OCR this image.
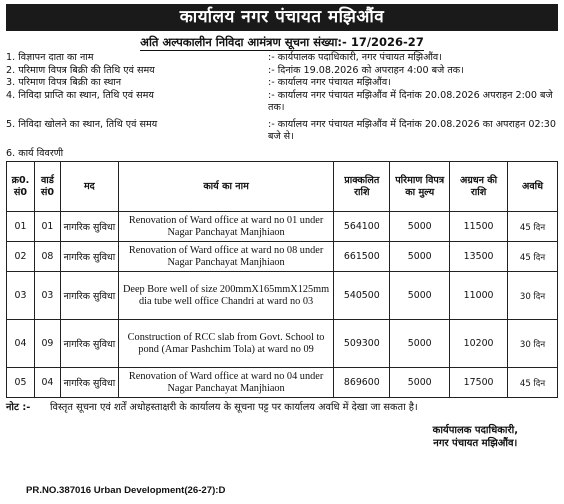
कार्यालय नगर पंचायत मझिऔंव
अति अल्पकालीन निविदा आमंत्रण सूचना संख्या:- 17/2026-27
1. विज्ञापन दाता का नाम	:- कार्यपालक पदाधिकारी, नगर पंचायत मझिऔंव।
2. परिमाण विपत्र बिक्री की तिथि एवं समय	:- दिनांक 19.08.2026 को अपराहन 4:00 बजे तक।
3. परिमाण विपत्र बिक्री का स्थान	:- कार्यालय नगर पंचायत मझिऔंव।
4. निविदा प्राप्ति का स्थान, तिथि एवं समय	:- कार्यालय नगर पंचायत मझिऔंव में दिनांक 20.08.2026 अपराहन 2:00 बजे तक।
5. निविदा खोलने का स्थान, तिथि एवं समय	:- कार्यालय नगर पंचायत मझिऔंव में दिनांक 20.08.2026 का अपराहन 02:30 बजे से।
6. कार्य विवरणी
क्र0. सं0	वार्ड सं0	मद	कार्य का नाम	प्राक्कलित राशि	परिमाण विपत्र का मुल्य	अग्रधन की राशि	अवधि
01	01	नागरिक सुविधा	Renovation of Ward office at ward no 01 under Nagar Panchayat Manjhiaon	564100	5000	11500	45 दिन
02	08	नागरिक सुविधा	Renovation of Ward office at ward no 08 under Nagar Panchayat Manjhiaon	661500	5000	13500	45 दिन
03	03	नागरिक सुविधा	Deep Bore well of size 200mmX165mmX125mm dia tube well office Chandri at ward no 03	540500	5000	11000	30 दिन
04	09	नागरिक सुविधा	Construction of RCC slab from Govt. School to pond (Amar Pashchim Tola) at ward no 09	509300	5000	10200	30 दिन
05	04	नागरिक सुविधा	Renovation of Ward office at ward no 04 under Nagar Panchayat Manjhiaon	869600	5000	17500	45 दिन
नोट :-	विस्तृत सूचना एवं शर्तें अधोहस्ताक्षरी के कार्यालय के सूचना पट्ट पर कार्यालय अवधि में देखा जा सकता है।
कार्यपालक पदाधिकारी,
नगर पंचायत मझिऔंव।
PR.NO.387016 Urban Development(26-27):D
